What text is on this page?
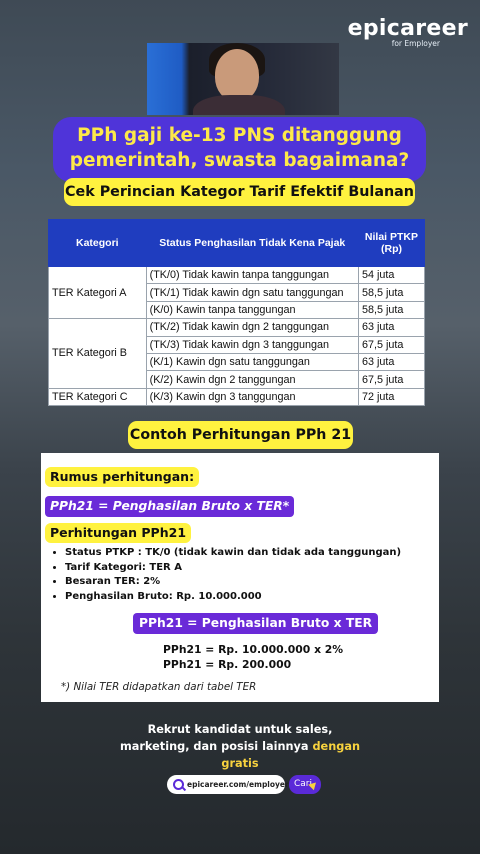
epicareer
for Employer
PPh gaji ke-13 PNS ditanggung
pemerintah, swasta bagaimana?
Cek Perincian Kategor Tarif Efektif Bulanan
Kategori	Status Penghasilan Tidak Kena Pajak	Nilai PTKP (Rp)
TER Kategori A	(TK/0) Tidak kawin tanpa tanggungan	54 juta
	(TK/1) Tidak kawin dgn satu tanggungan	58,5 juta
	(K/0) Kawin tanpa tanggungan	58,5 juta
TER Kategori B	(TK/2) Tidak kawin dgn 2 tanggungan	63 juta
	(TK/3) Tidak kawin dgn 3 tanggungan	67,5 juta
	(K/1) Kawin dgn satu tanggungan	63 juta
	(K/2) Kawin dgn 2 tanggungan	67,5 juta
TER Kategori C	(K/3) Kawin dgn 3 tanggungan	72 juta
Contoh Perhitungan PPh 21
Rumus perhitungan:
PPh21 = Penghasilan Bruto x TER*
Perhitungan PPh21
• Status PTKP : TK/0 (tidak kawin dan tidak ada tanggungan)
• Tarif Kategori: TER A
• Besaran TER: 2%
• Penghasilan Bruto: Rp. 10.000.000
PPh21 = Penghasilan Bruto x TER
PPh21 = Rp. 10.000.000 x 2%
PPh21 = Rp. 200.000
*) Nilai TER didapatkan dari tabel TER
Rekrut kandidat untuk sales,
marketing, dan posisi lainnya dengan
gratis
epicareer.com/employer Cari
